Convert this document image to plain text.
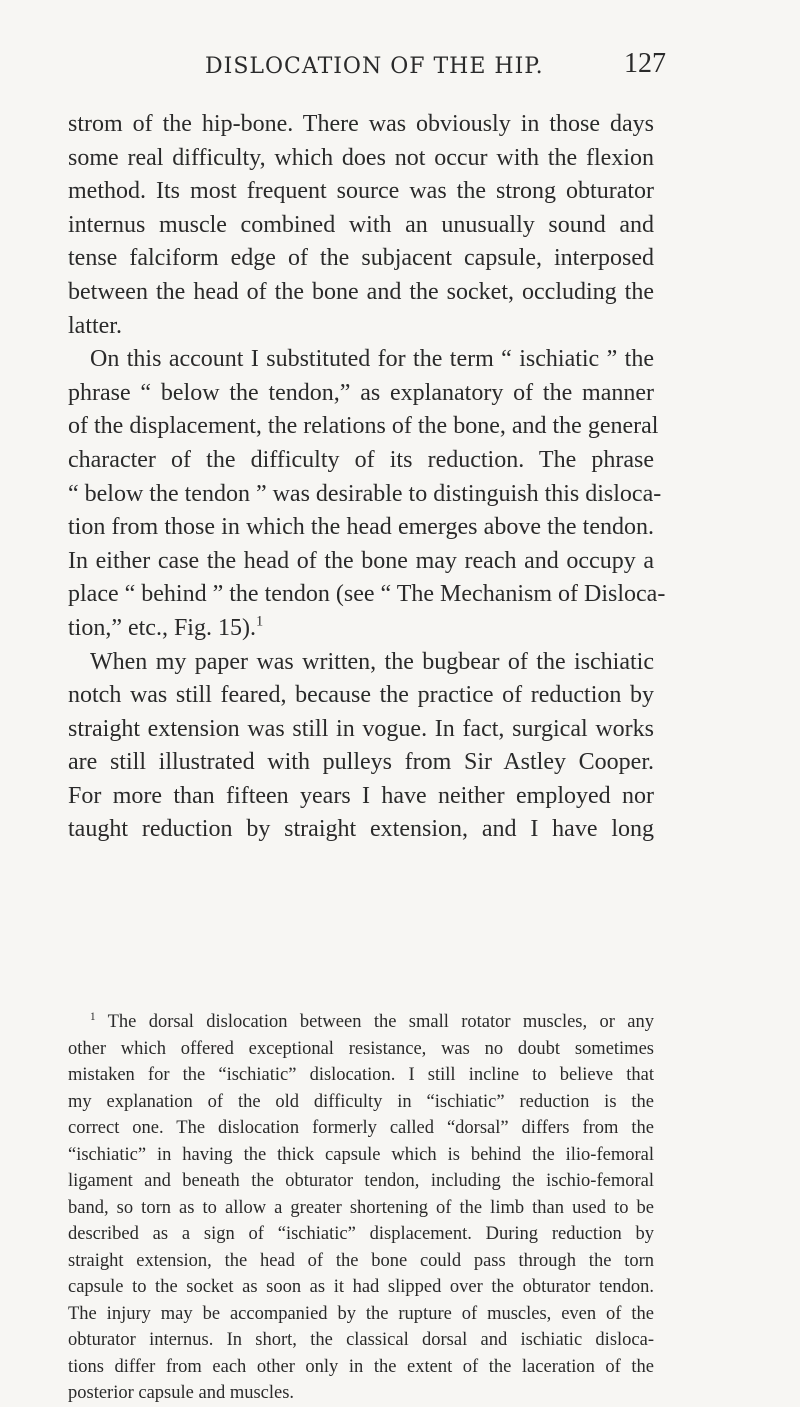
DISLOCATION OF THE HIP.	127
strom of the hip-bone. There was obviously in those days
some real difficulty, which does not occur with the flexion
method. Its most frequent source was the strong obturator
internus muscle combined with an unusually sound and
tense falciform edge of the subjacent capsule, interposed
between the head of the bone and the socket, occluding the
latter.
On this account I substituted for the term “ ischiatic ” the
phrase “ below the tendon,” as explanatory of the manner
of the displacement, the relations of the bone, and the general
character of the difficulty of its reduction. The phrase
“ below the tendon ” was desirable to distinguish this disloca-
tion from those in which the head emerges above the tendon.
In either case the head of the bone may reach and occupy a
place “ behind ” the tendon (see “ The Mechanism of Disloca-
tion,” etc., Fig. 15).$^1$
When my paper was written, the bugbear of the ischiatic
notch was still feared, because the practice of reduction by
straight extension was still in vogue. In fact, surgical works
are still illustrated with pulleys from Sir Astley Cooper.
For more than fifteen years I have neither employed nor
taught reduction by straight extension, and I have long
$^1$ The dorsal dislocation between the small rotator muscles, or any
other which offered exceptional resistance, was no doubt sometimes
mistaken for the “ischiatic” dislocation. I still incline to believe that
my explanation of the old difficulty in “ischiatic” reduction is the
correct one. The dislocation formerly called “dorsal” differs from the
“ischiatic” in having the thick capsule which is behind the ilio-femoral
ligament and beneath the obturator tendon, including the ischio-femoral
band, so torn as to allow a greater shortening of the limb than used to be
described as a sign of “ischiatic” displacement. During reduction by
straight extension, the head of the bone could pass through the torn
capsule to the socket as soon as it had slipped over the obturator tendon.
The injury may be accompanied by the rupture of muscles, even of the
obturator internus. In short, the classical dorsal and ischiatic disloca-
tions differ from each other only in the extent of the laceration of the
posterior capsule and muscles.
